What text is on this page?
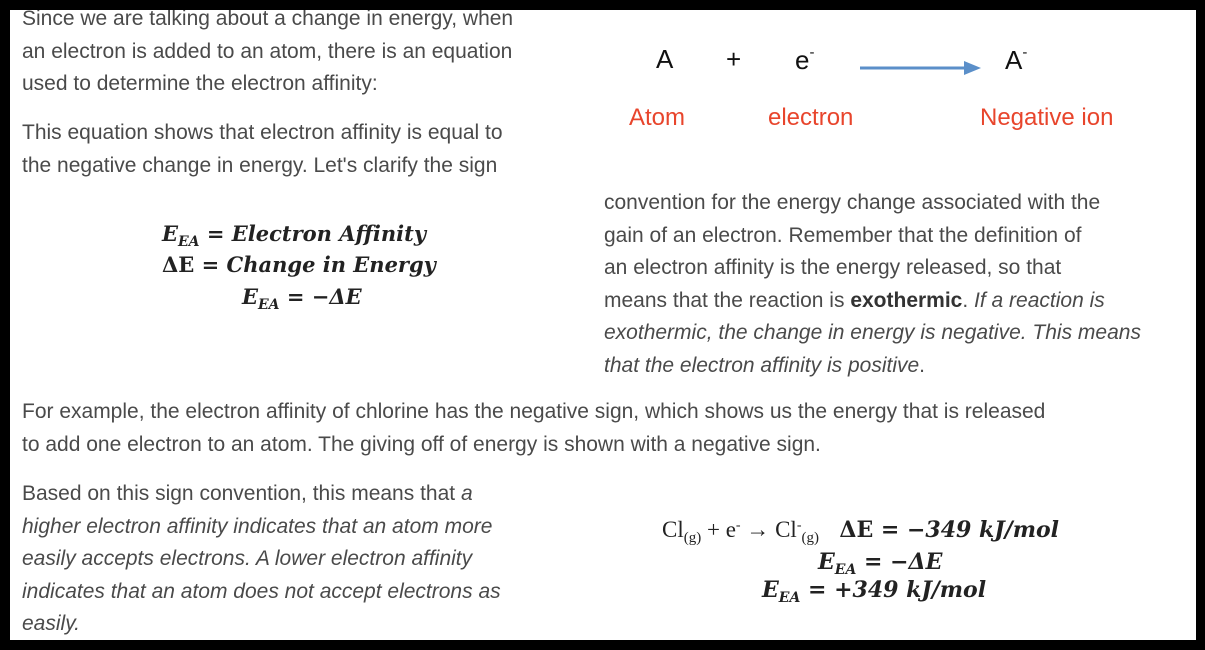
Since we are talking about a change in energy, when
an electron is added to an atom, there is an equation
used to determine the electron affinity:
This equation shows that electron affinity is equal to
the negative change in energy. Let's clarify the sign
A + e-	A-
Atom	electron	Negative ion
$E_{EA}$ = Electron Affinity
ΔE = Change in Energy
$E_{EA} = -\Delta E$
convention for the energy change associated with the
gain of an electron. Remember that the definition of
an electron affinity is the energy released, so that
means that the reaction is exothermic. If a reaction is
exothermic, the change in energy is negative. This means
that the electron affinity is positive.
For example, the electron affinity of chlorine has the negative sign, which shows us the energy that is released
to add one electron to an atom. The giving off of energy is shown with a negative sign.
Based on this sign convention, this means that a
higher electron affinity indicates that an atom more
easily accepts electrons. A lower electron affinity
indicates that an atom does not accept electrons as
easily.
$Cl_{(g)} + e^- \to Cl^-_{(g)}$ ΔE = −349 kJ/mol
$E_{EA} = -\Delta E$
$E_{EA} = +349$ kJ/mol
